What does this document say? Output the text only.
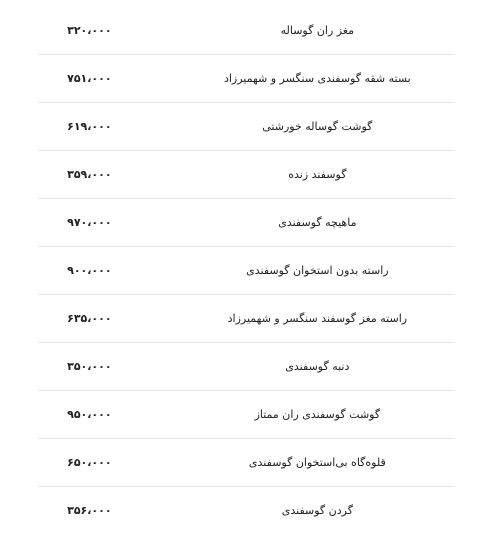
مغز ران گوساله	۳۲۰،۰۰۰
بسته شقه گوسفندی سنگسر و شهمیرزاد	۷۵۱،۰۰۰
گوشت گوساله خورشتی	۶۱۹،۰۰۰
گوسفند زنده	۳۵۹،۰۰۰
ماهیچه گوسفندی	۹۷۰،۰۰۰
راسته بدون استخوان گوسفندی	۹۰۰،۰۰۰
راسته مغز گوسفند سنگسر و شهمیرزاد	۶۳۵،۰۰۰
دنبه گوسفندی	۳۵۰،۰۰۰
گوشت گوسفندی ران ممتاز	۹۵۰،۰۰۰
قلوه‌گاه بی‌استخوان گوسفندی	۶۵۰،۰۰۰
گردن گوسفندی	۳۵۶،۰۰۰
